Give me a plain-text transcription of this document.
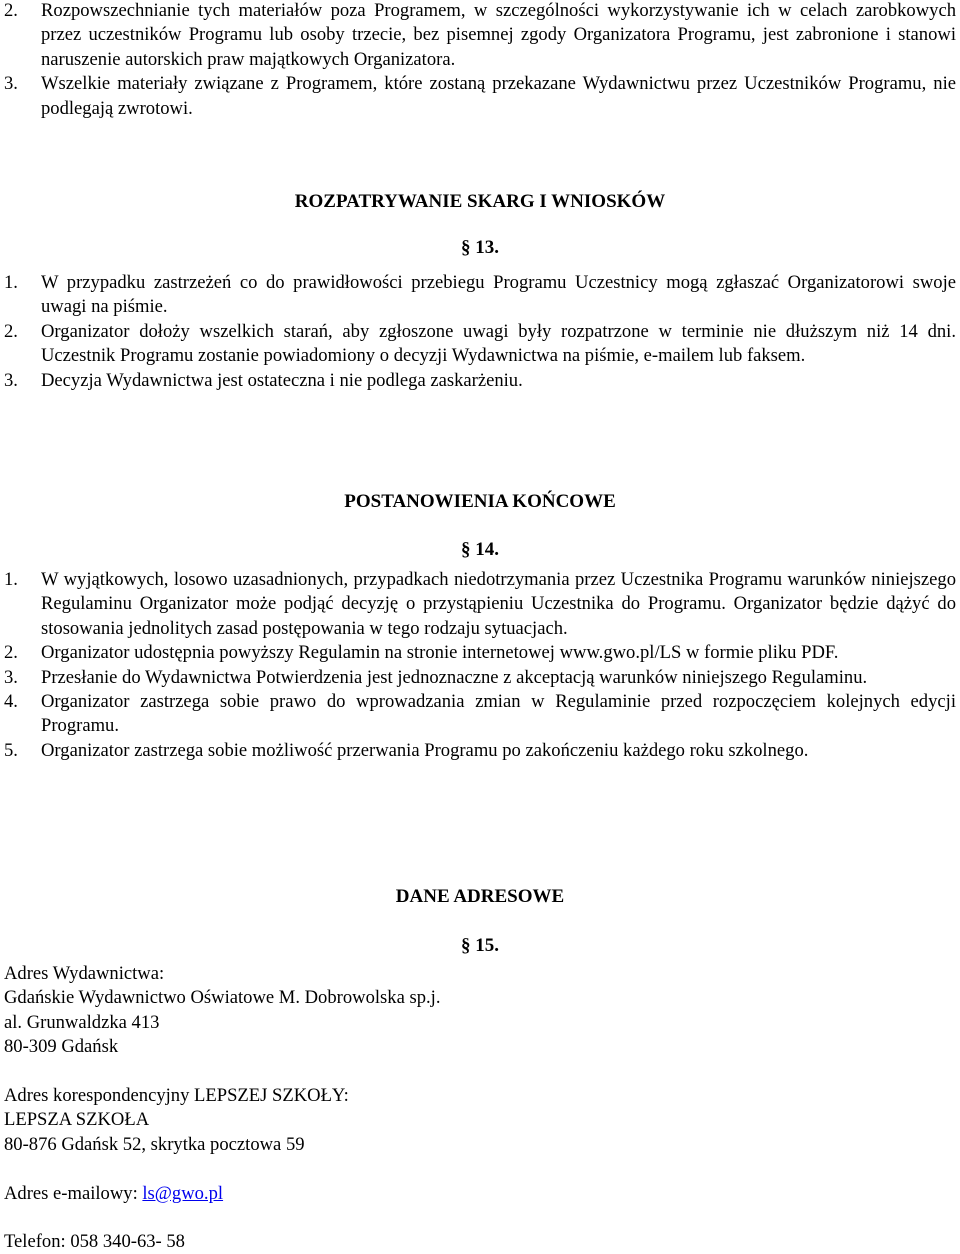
2.	Rozpowszechnianie tych materiałów poza Programem, w szczególności wykorzystywanie ich w celach zarobkowych przez uczestników Programu lub osoby trzecie, bez pisemnej zgody Organizatora Programu, jest zabronione i stanowi naruszenie autorskich praw majątkowych Organizatora.
3.	Wszelkie materiały związane z Programem, które zostaną przekazane Wydawnictwu przez Uczestników Programu, nie podlegają zwrotowi.
ROZPATRYWANIE SKARG I WNIOSKÓW
§ 13.
1.	W przypadku zastrzeżeń co do prawidłowości przebiegu Programu Uczestnicy mogą zgłaszać Organizatorowi swoje uwagi na piśmie.
2.	Organizator dołoży wszelkich starań, aby zgłoszone uwagi były rozpatrzone w terminie nie dłuższym niż 14 dni. Uczestnik Programu zostanie powiadomiony o decyzji Wydawnictwa na piśmie, e-mailem lub faksem.
3.	Decyzja Wydawnictwa jest ostateczna i nie podlega zaskarżeniu.
POSTANOWIENIA KOŃCOWE
§ 14.
1.	W wyjątkowych, losowo uzasadnionych, przypadkach niedotrzymania przez Uczestnika Programu warunków niniejszego Regulaminu Organizator może podjąć decyzję o przystąpieniu Uczestnika do Programu. Organizator będzie dążyć do stosowania jednolitych zasad postępowania w tego rodzaju sytuacjach.
2.	Organizator udostępnia powyższy Regulamin na stronie internetowej www.gwo.pl/LS w formie pliku PDF.
3.	Przesłanie do Wydawnictwa Potwierdzenia jest jednoznaczne z akceptacją warunków niniejszego Regulaminu.
4.	Organizator zastrzega sobie prawo do wprowadzania zmian w Regulaminie przed rozpoczęciem kolejnych edycji Programu.
5.	Organizator zastrzega sobie możliwość przerwania Programu po zakończeniu każdego roku szkolnego.
DANE ADRESOWE
§ 15.

Adres Wydawnictwa:

Gdańskie Wydawnictwo Oświatowe M. Dobrowolska sp.j.

al. Grunwaldzka 413

80-309 Gdańsk

Adres korespondencyjny LEPSZEJ SZKOŁY:

LEPSZA SZKOŁA

80-876 Gdańsk 52, skrytka pocztowa 59

Adres e-mailowy: ls@gwo.pl

Telefon: 058 340-63- 58
